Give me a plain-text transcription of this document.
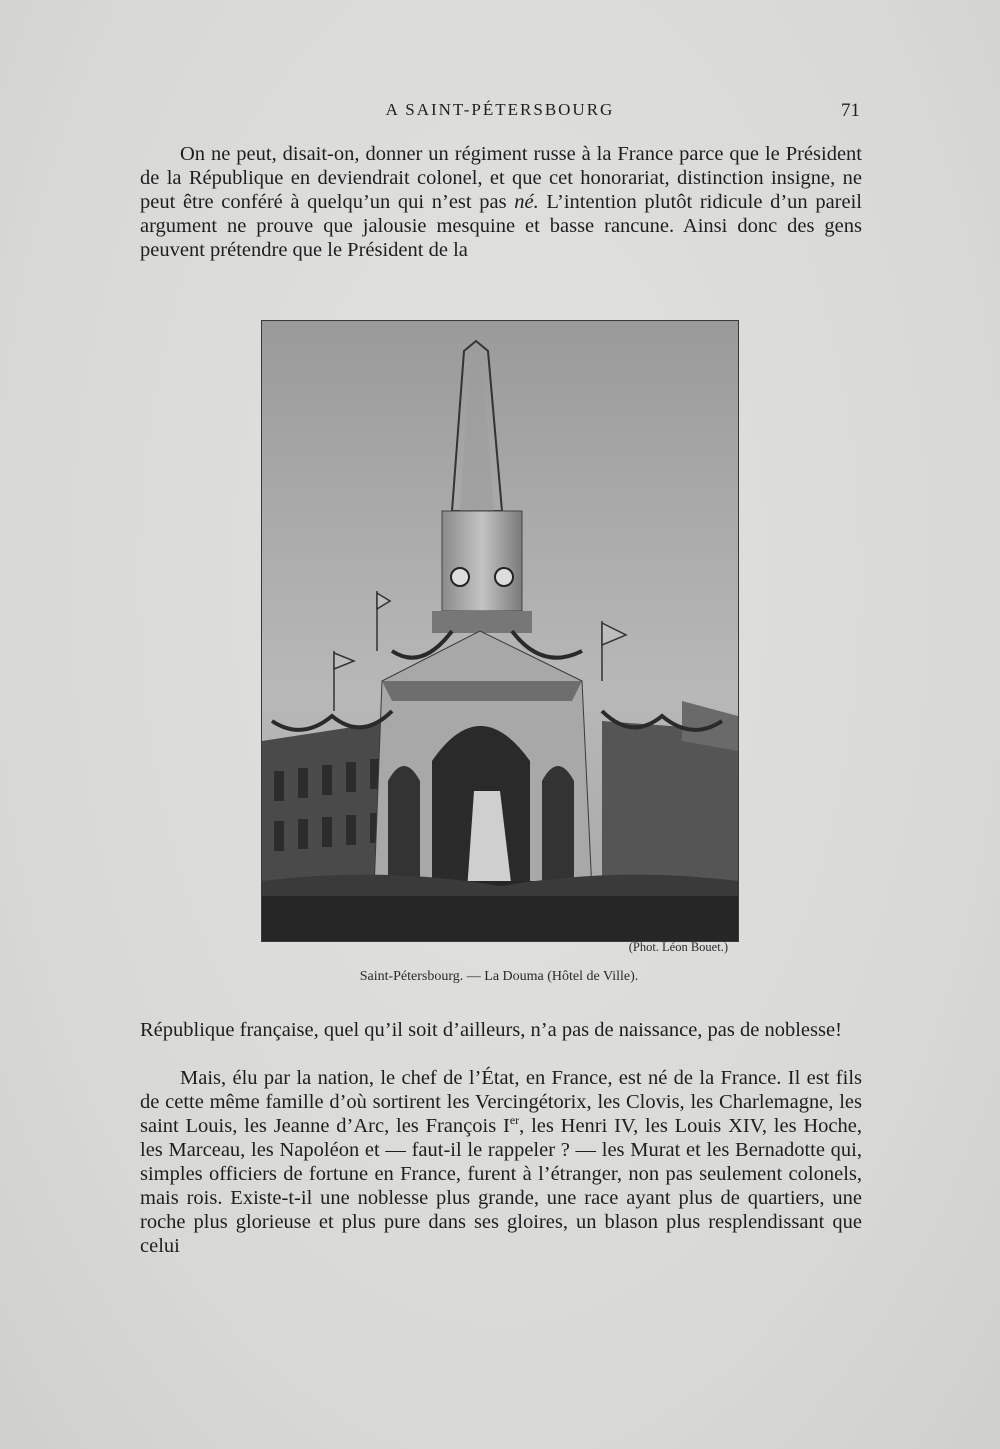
A SAINT-PÉTERSBOURG	71

On ne peut, disait-on, donner un régiment russe à la France parce que le Président de la République en deviendrait colonel, et que cet honorariat, distinction insigne, ne peut être conféré à quelqu’un qui n’est pas né. L’intention plutôt ridicule d’un pareil argument ne prouve que jalousie mesquine et basse rancune. Ainsi donc des gens peuvent prétendre que le Président de la

(Phot. Léon Bouet.)
Saint-Pétersbourg. — La Douma (Hôtel de Ville).

République française, quel qu’il soit d’ailleurs, n’a pas de naissance, pas de noblesse!

Mais, élu par la nation, le chef de l’État, en France, est né de la France. Il est fils de cette même famille d’où sortirent les Vercingétorix, les Clovis, les Charlemagne, les saint Louis, les Jeanne d’Arc, les François Ier, les Henri IV, les Louis XIV, les Hoche, les Marceau, les Napoléon et — faut-il le rappeler ? — les Murat et les Bernadotte qui, simples officiers de fortune en France, furent à l’étranger, non pas seulement colonels, mais rois. Existe-t-il une noblesse plus grande, une race ayant plus de quartiers, une roche plus glorieuse et plus pure dans ses gloires, un blason plus resplendissant que celui
